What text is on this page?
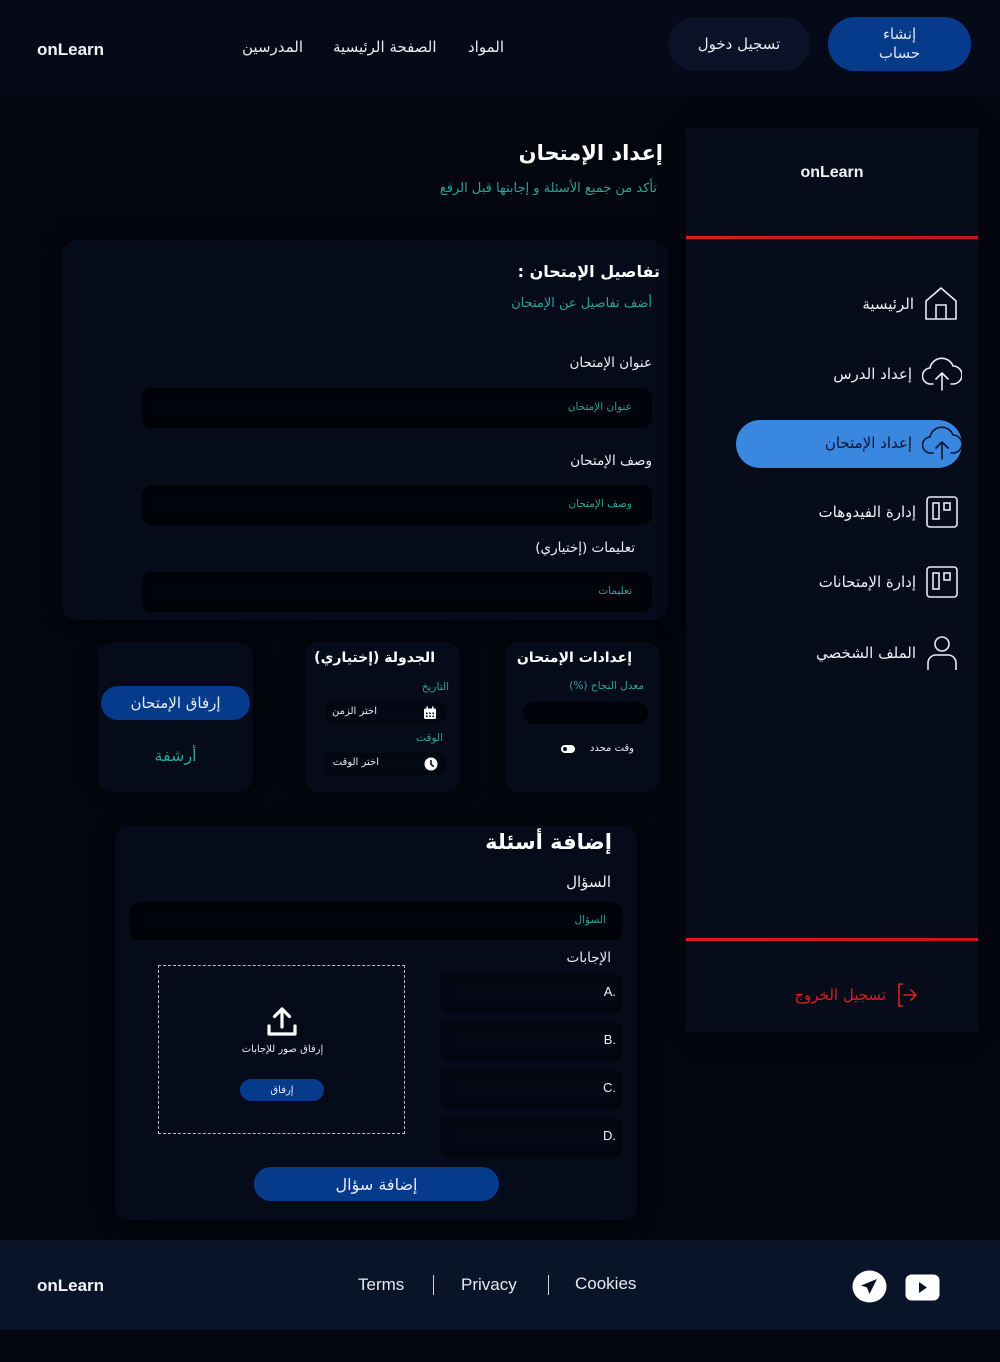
onLearn	المواد
الصفحة الرئيسية
المدرسين	تسجيل دخول
إنشاء
حساب
إعداد الإمتحان
تأكد من جميع الأسئلة و إجابتها قبل الرفع
تفاصيل الإمتحان :
أضف تفاصيل عن الإمتحان
عنوان الإمتحان
عنوان الإمتحان
وصف الإمتحان
وصف الإمتحان
تعليمات (إختياري)
تعليمات
إعدادات الإمتحان
معدل النجاح (%)
وقت محدد
الجدولة (إختياري)
التاريخ
اختر الزمن
الوقت
اختر الوقت
إرفاق الإمتحان
أرشفة
إضافة أسئلة
السؤال
السؤال
الإجابات
A.
B.
C.
D.
إرفاق صور للإجابات
إرفاق
إضافة سؤال
onLearn
الرئيسية
إعداد الدرس
إعداد الإمتحان
إدارة الفيدوهات
إدارة الإمتحانات
الملف الشخصي
تسجيل الخروج
onLearn	Terms	Privacy	Cookies
